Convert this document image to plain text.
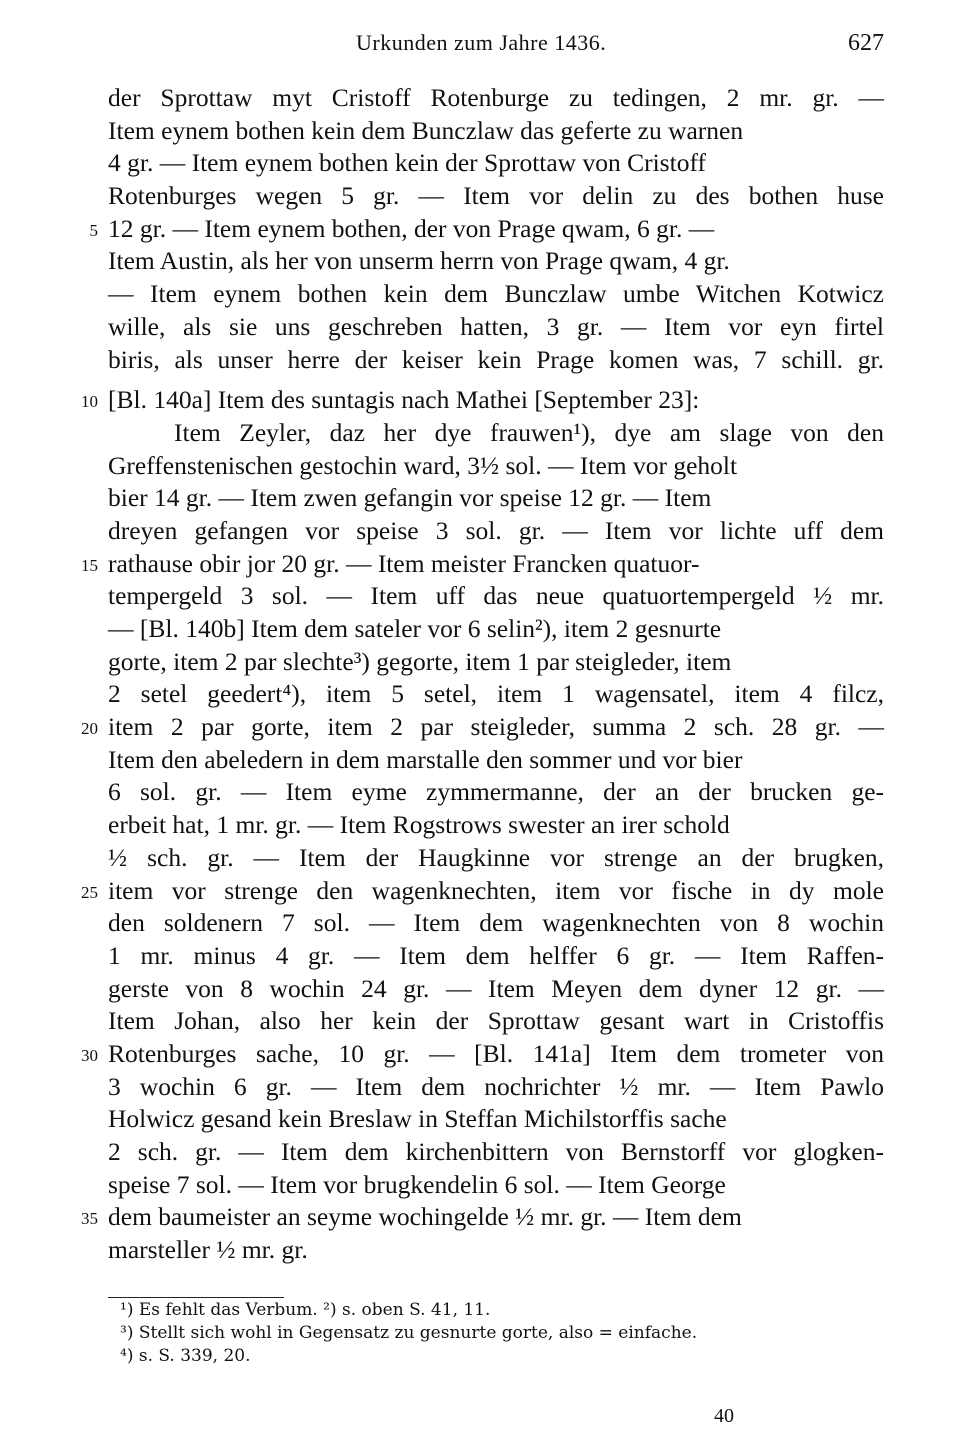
Urkunden zum Jahre 1436.	627
der Sprottaw myt Cristoff Rotenburge zu tedingen, 2 mr. gr. —
Item eynem bothen kein dem Bunczlaw das geferte zu warnen
4 gr. — Item eynem bothen kein der Sprottaw von Cristoff
Rotenburges wegen 5 gr. — Item vor delin zu des bothen huse
5 12 gr. — Item eynem bothen, der von Prage qwam, 6 gr. —
Item Austin, als her von unserm herrn von Prage qwam, 4 gr.
— Item eynem bothen kein dem Bunczlaw umbe Witchen Kotwicz
wille, als sie uns geschreben hatten, 3 gr. — Item vor eyn firtel
biris, als unser herre der keiser kein Prage komen was, 7 schill. gr.
10 [Bl. 140a] Item des suntagis nach Mathei [September 23]:
Item Zeyler, daz her dye frauwen¹), dye am slage von den
Greffenstenischen gestochin ward, 3½ sol. — Item vor geholt
bier 14 gr. — Item zwen gefangin vor speise 12 gr. — Item
dreyen gefangen vor speise 3 sol. gr. — Item vor lichte uff dem
15 rathause obir jor 20 gr. — Item meister Francken quatuor-
tempergeld 3 sol. — Item uff das neue quatuortempergeld ½ mr.
— [Bl. 140b] Item dem sateler vor 6 selin²), item 2 gesnurte
gorte, item 2 par slechte³) gegorte, item 1 par steigleder, item
2 setel geedert⁴), item 5 setel, item 1 wagensatel, item 4 filcz,
20 item 2 par gorte, item 2 par steigleder, summa 2 sch. 28 gr. —
Item den abeledern in dem marstalle den sommer und vor bier
6 sol. gr. — Item eyme zymmermanne, der an der brucken ge-
erbeit hat, 1 mr. gr. — Item Rogstrows swester an irer schold
½ sch. gr. — Item der Haugkinne vor strenge an der brugken,
25 item vor strenge den wagenknechten, item vor fische in dy mole
den soldenern 7 sol. — Item dem wagenknechten von 8 wochin
1 mr. minus 4 gr. — Item dem helffer 6 gr. — Item Raffen-
gerste von 8 wochin 24 gr. — Item Meyen dem dyner 12 gr. —
Item Johan, also her kein der Sprottaw gesant wart in Cristoffis
30 Rotenburges sache, 10 gr. — [Bl. 141a] Item dem trometer von
3 wochin 6 gr. — Item dem nochrichter ½ mr. — Item Pawlo
Holwicz gesand kein Breslaw in Steffan Michilstorffis sache
2 sch. gr. — Item dem kirchenbittern von Bernstorff vor glogken-
speise 7 sol. — Item vor brugkendelin 6 sol. — Item George
35 dem baumeister an seyme wochingelde ½ mr. gr. — Item dem
marsteller ½ mr. gr.
¹) Es fehlt das Verbum. ²) s. oben S. 41, 11.
³) Stellt sich wohl in Gegensatz zu gesnurte gorte, also = einfache.
⁴) s. S. 339, 20.
40
